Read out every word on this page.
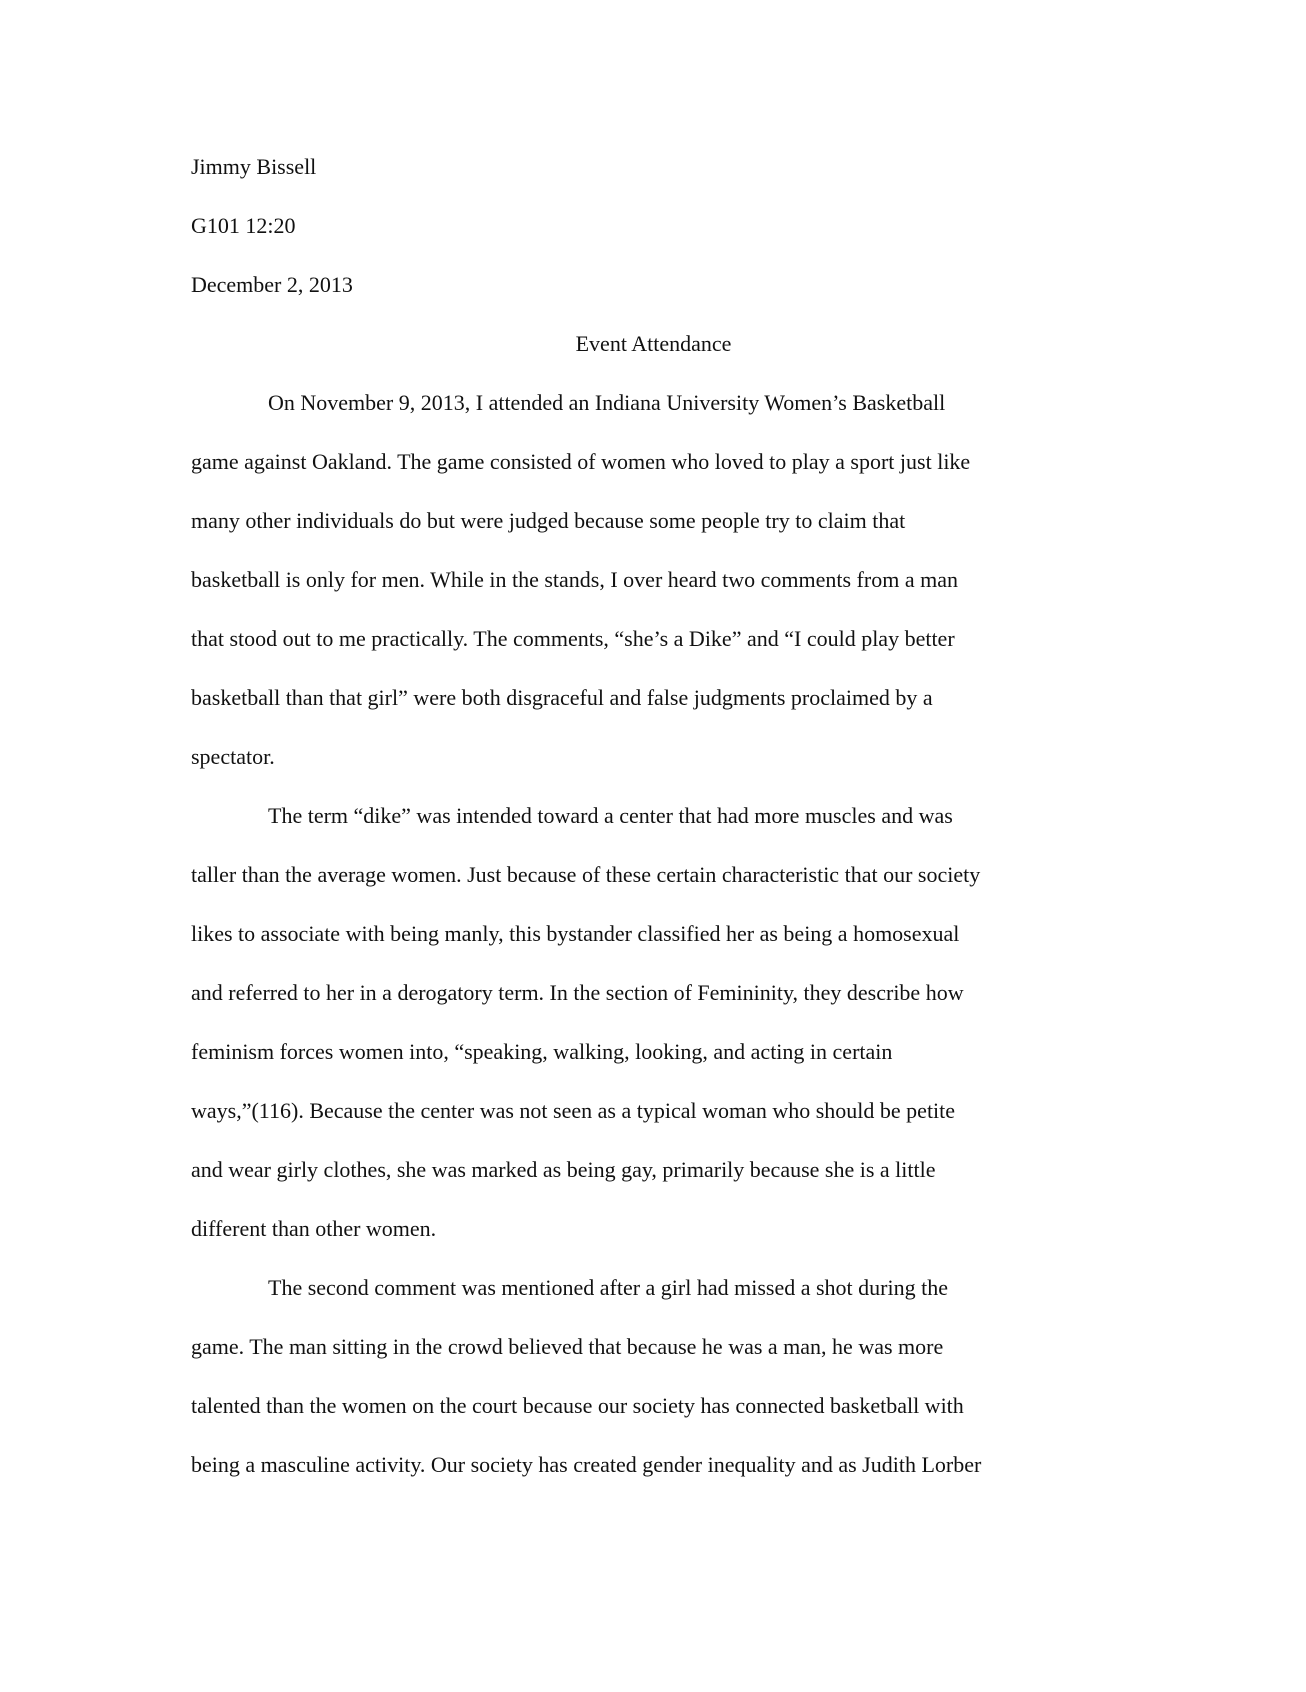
Jimmy Bissell
G101 12:20
December 2, 2013
Event Attendance
On November 9, 2013, I attended an Indiana University Women’s Basketball
game against Oakland. The game consisted of women who loved to play a sport just like
many other individuals do but were judged because some people try to claim that
basketball is only for men. While in the stands, I over heard two comments from a man
that stood out to me practically. The comments, “she’s a Dike” and “I could play better
basketball than that girl” were both disgraceful and false judgments proclaimed by a
spectator.
The term “dike” was intended toward a center that had more muscles and was
taller than the average women. Just because of these certain characteristic that our society
likes to associate with being manly, this bystander classified her as being a homosexual
and referred to her in a derogatory term. In the section of Femininity, they describe how
feminism forces women into, “speaking, walking, looking, and acting in certain
ways,”(116). Because the center was not seen as a typical woman who should be petite
and wear girly clothes, she was marked as being gay, primarily because she is a little
different than other women.
The second comment was mentioned after a girl had missed a shot during the
game. The man sitting in the crowd believed that because he was a man, he was more
talented than the women on the court because our society has connected basketball with
being a masculine activity. Our society has created gender inequality and as Judith Lorber
